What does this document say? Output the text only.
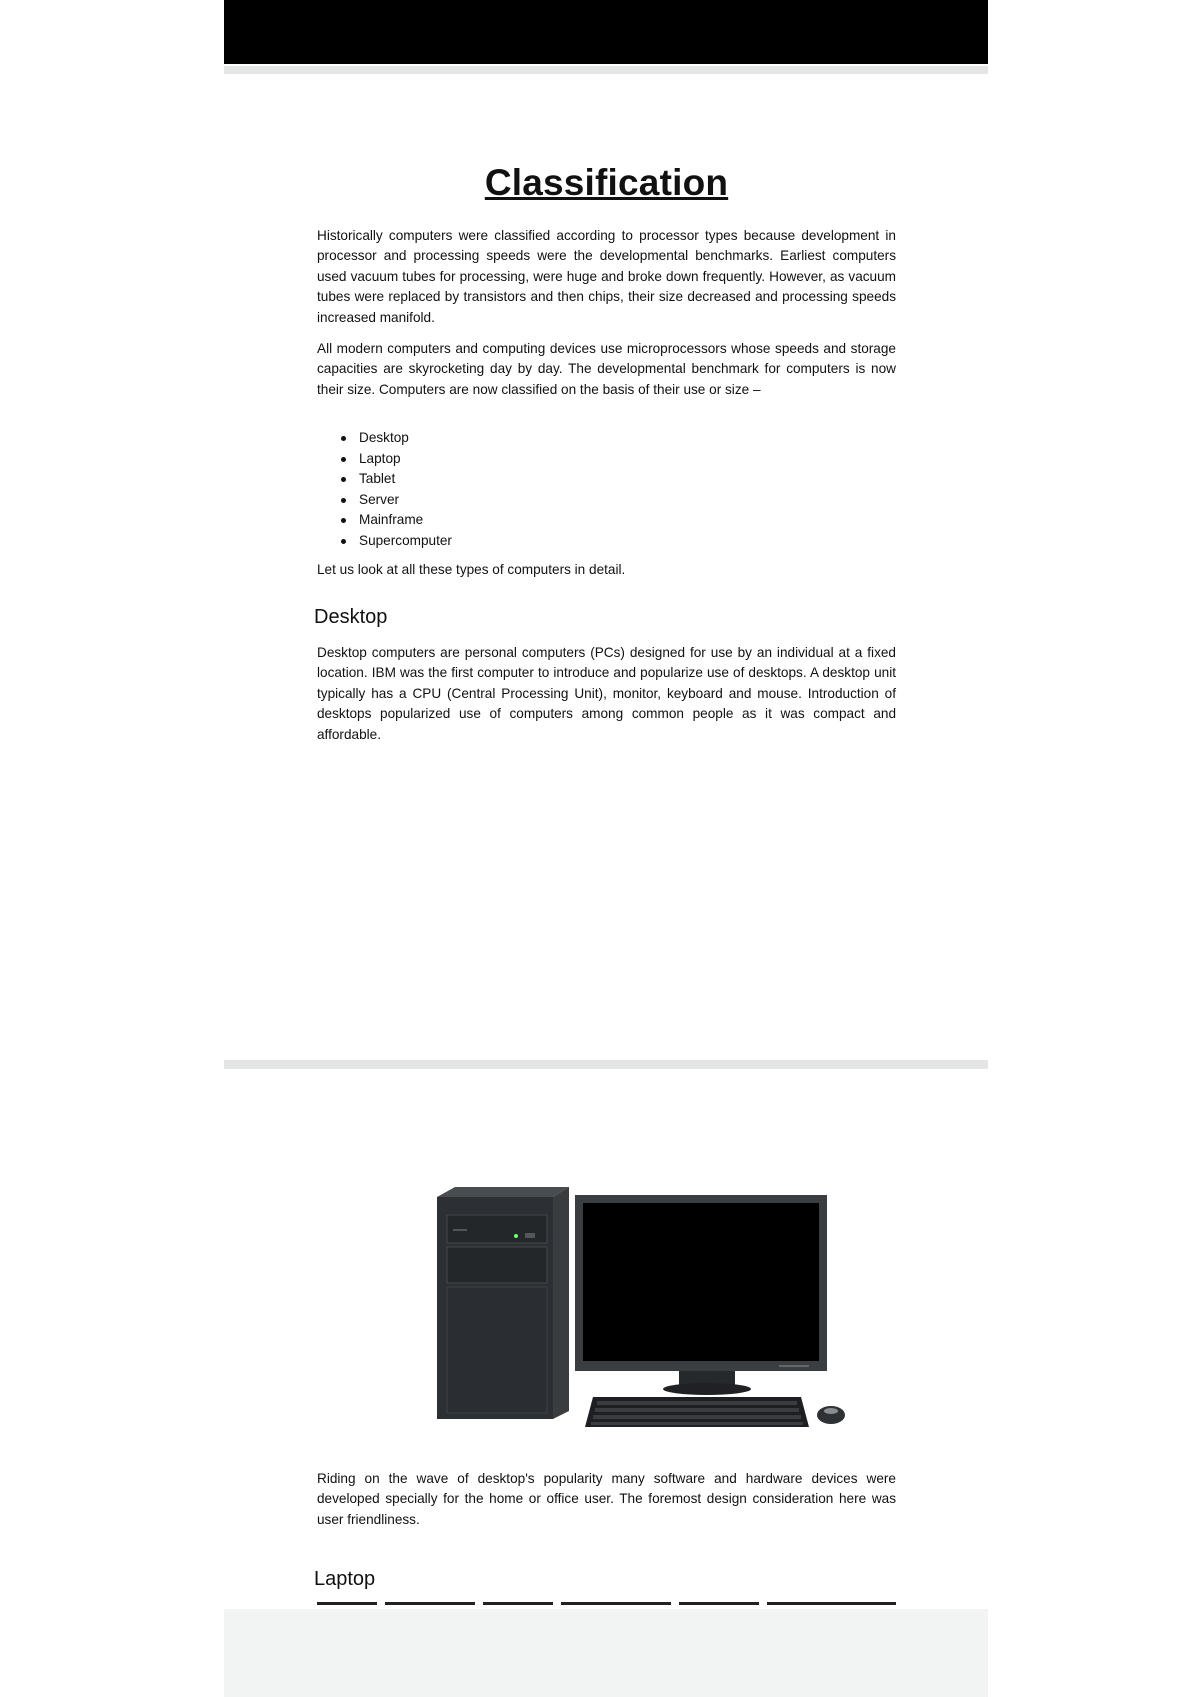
Classification

Historically computers were classified according to processor types because development in processor and processing speeds were the developmental benchmarks. Earliest computers used vacuum tubes for processing, were huge and broke down frequently. However, as vacuum tubes were replaced by transistors and then chips, their size decreased and processing speeds increased manifold.

All modern computers and computing devices use microprocessors whose speeds and storage capacities are skyrocketing day by day. The developmental benchmark for computers is now their size. Computers are now classified on the basis of their use or size –

Desktop
Laptop
Tablet
Server
Mainframe
Supercomputer

Let us look at all these types of computers in detail.

Desktop

Desktop computers are personal computers (PCs) designed for use by an individual at a fixed location. IBM was the first computer to introduce and popularize use of desktops. A desktop unit typically has a CPU (Central Processing Unit), monitor, keyboard and mouse. Introduction of desktops popularized use of computers among common people as it was compact and affordable.

Riding on the wave of desktop's popularity many software and hardware devices were developed specially for the home or office user. The foremost design consideration here was user friendliness.

Laptop
